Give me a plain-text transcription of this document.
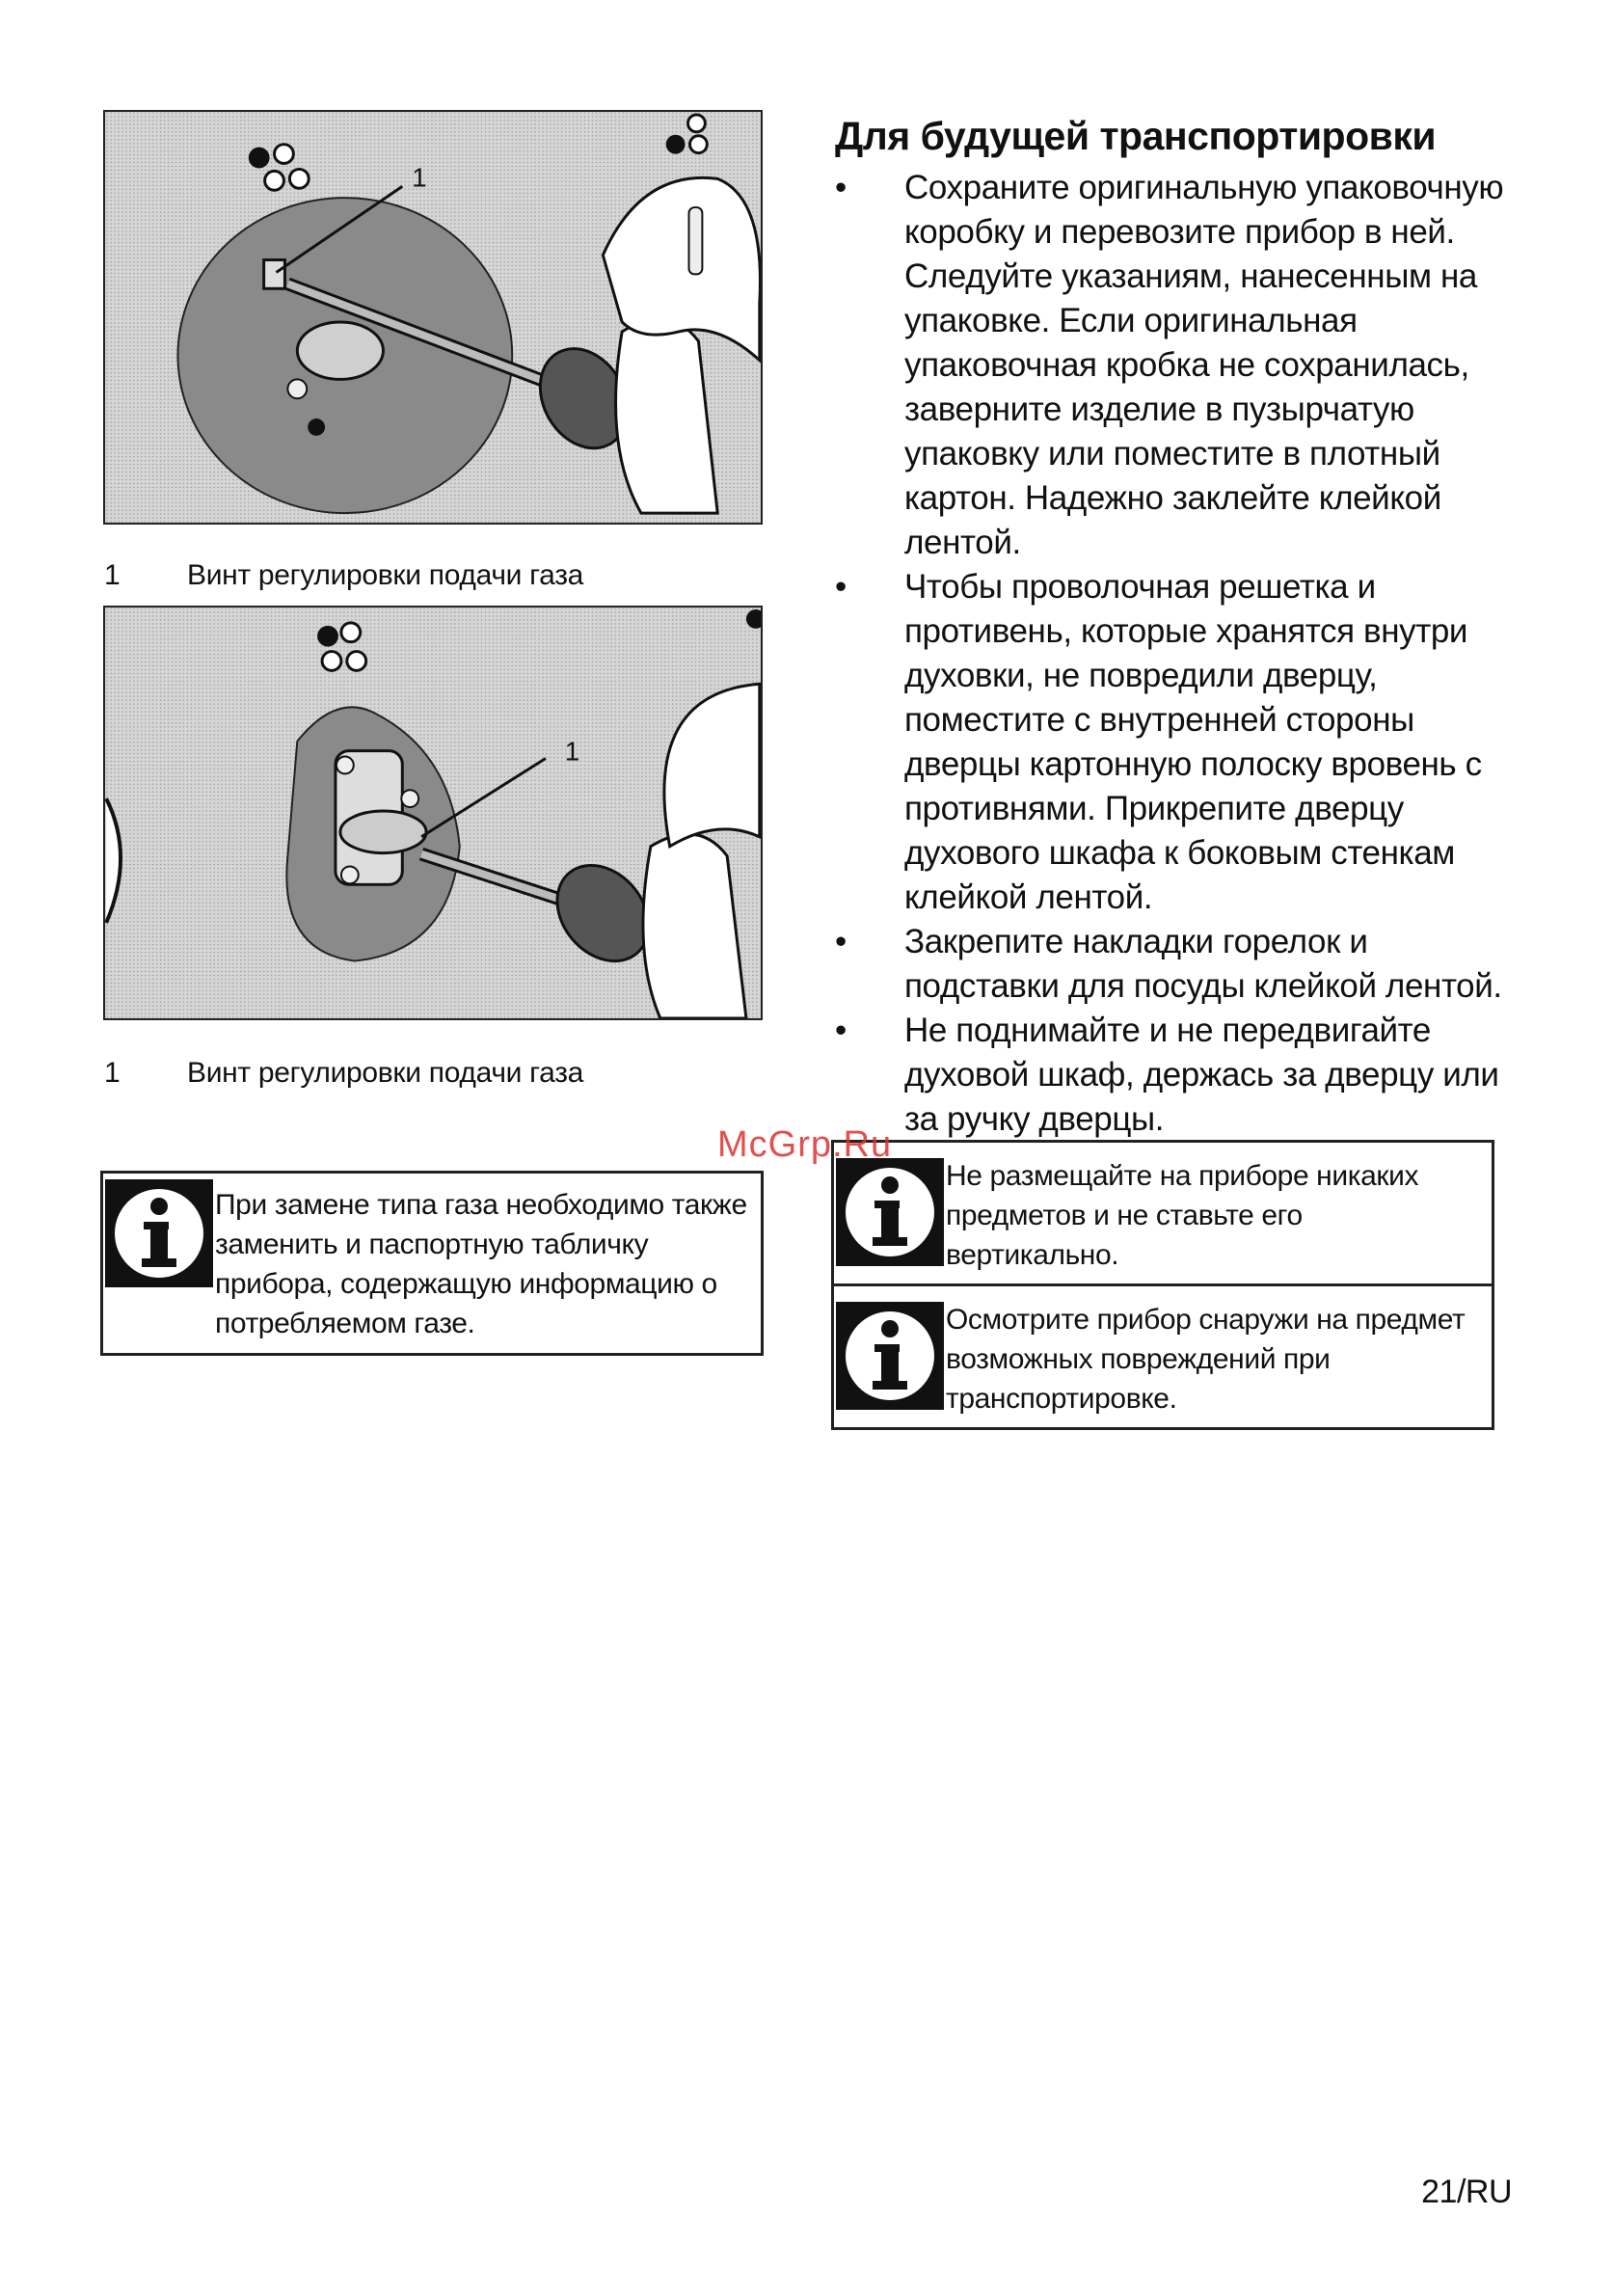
1
1 Винт регулировки подачи газа
1
1 Винт регулировки подачи газа
При замене типа газа необходимо также
заменить и паспортную табличку
прибора, содержащую информацию о
потребляемом газе.
Для будущей транспортировки
• Сохраните оригинальную упаковочную коробку и перевозите прибор в ней. Следуйте указаниям, нанесенным на упаковке. Если оригинальная упаковочная кробка не сохранилась, заверните изделие в пузырчатую упаковку или поместите в плотный картон. Надежно заклейте клейкой лентой.
• Чтобы проволочная решетка и противень, которые хранятся внутри духовки, не повредили дверцу, поместите с внутренней стороны дверцы картонную полоску вровень с противнями. Прикрепите дверцу духового шкафа к боковым стенкам клейкой лентой.
• Закрепите накладки горелок и подставки для посуды клейкой лентой.
• Не поднимайте и не передвигайте духовой шкаф, держась за дверцу или за ручку дверцы.
Не размещайте на приборе никаких
предметов и не ставьте его
вертикально.
Осмотрите прибор снаружи на предмет
возможных повреждений при
транспортировке.
McGrp.Ru
21/RU
